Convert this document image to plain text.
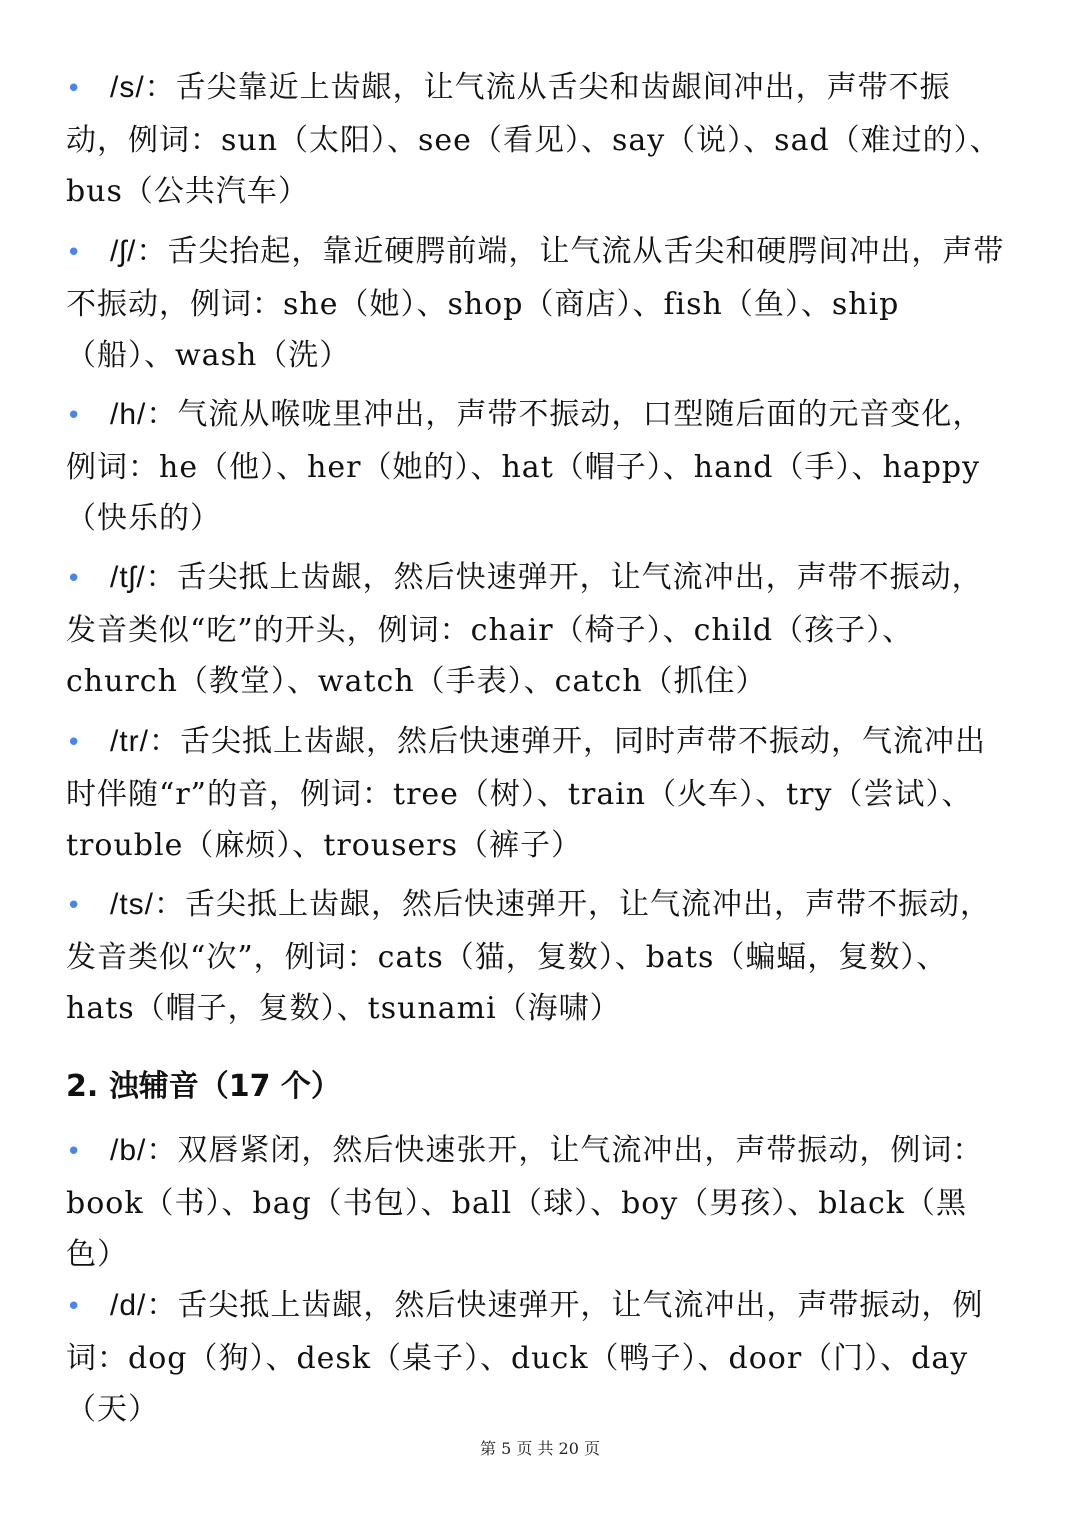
• /s/：舌尖靠近上齿龈，让气流从舌尖和齿龈间冲出，声带不振动，例词：sun（太阳）、see（看见）、say（说）、sad（难过的）、bus（公共汽车）
• /ʃ/：舌尖抬起，靠近硬腭前端，让气流从舌尖和硬腭间冲出，声带不振动，例词：she（她）、shop（商店）、fish（鱼）、ship（船）、wash（洗）
• /h/：气流从喉咙里冲出，声带不振动，口型随后面的元音变化，例词：he（他）、her（她的）、hat（帽子）、hand（手）、happy（快乐的）
• /tʃ/：舌尖抵上齿龈，然后快速弹开，让气流冲出，声带不振动，发音类似“吃”的开头，例词：chair（椅子）、child（孩子）、church（教堂）、watch（手表）、catch（抓住）
• /tr/：舌尖抵上齿龈，然后快速弹开，同时声带不振动，气流冲出时伴随“r”的音，例词：tree（树）、train（火车）、try（尝试）、trouble（麻烦）、trousers（裤子）
• /ts/：舌尖抵上齿龈，然后快速弹开，让气流冲出，声带不振动，发音类似“次”，例词：cats（猫，复数）、bats（蝙蝠，复数）、hats（帽子，复数）、tsunami（海啸）
2. 浊辅音（17 个）
• /b/：双唇紧闭，然后快速张开，让气流冲出，声带振动，例词：book（书）、bag（书包）、ball（球）、boy（男孩）、black（黑色）
• /d/：舌尖抵上齿龈，然后快速弹开，让气流冲出，声带振动，例词：dog（狗）、desk（桌子）、duck（鸭子）、door（门）、day（天）
第 5 页 共 20 页
